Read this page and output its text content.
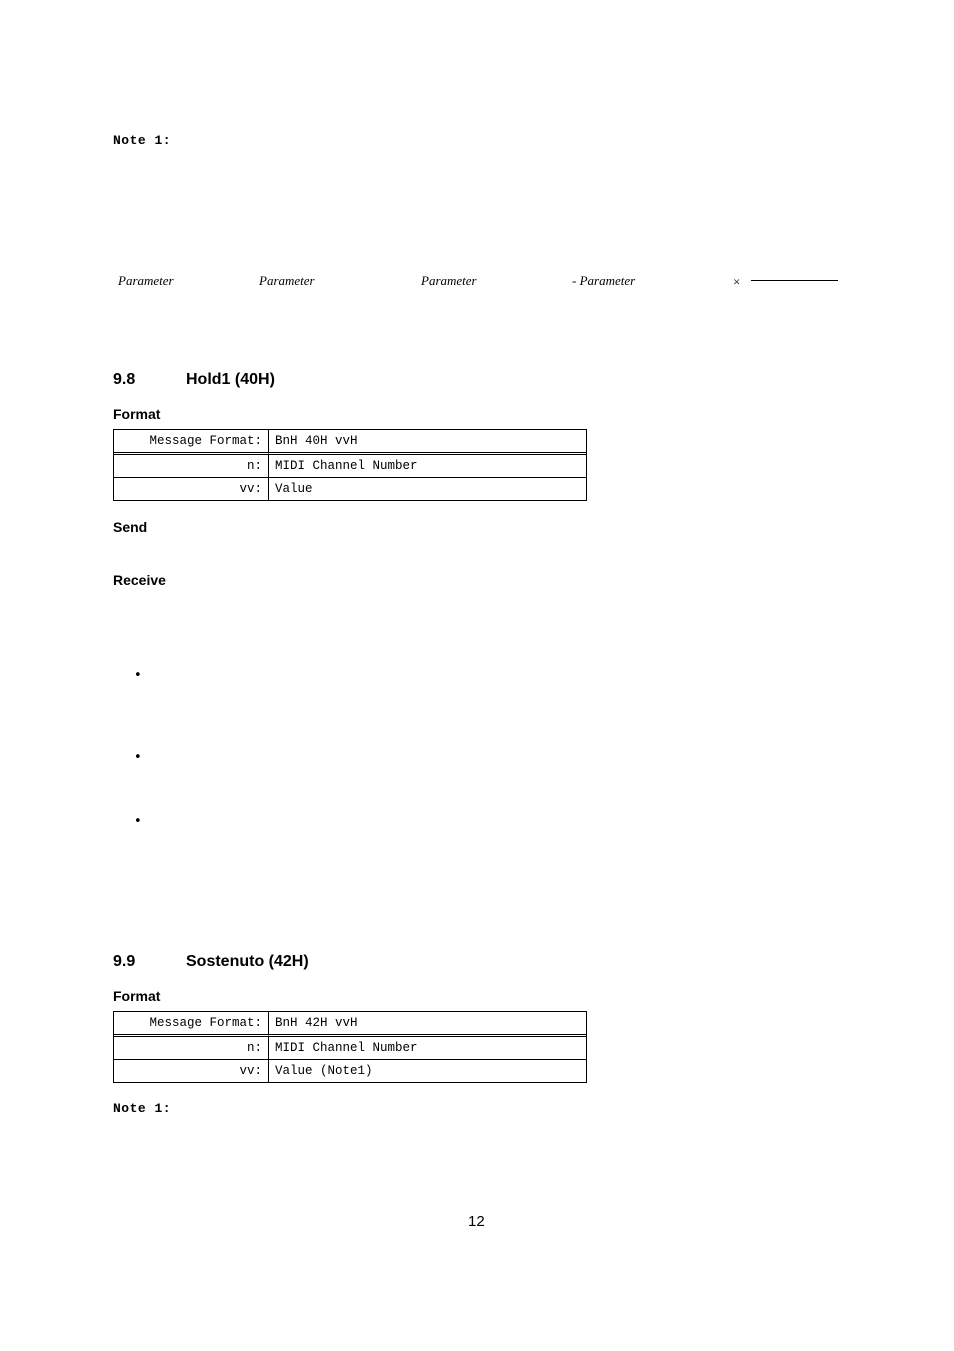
Note 1:
Parameter	Parameter	Parameter	- Parameter	×
9.8	Hold1 (40H)
Format
Message Format:	BnH 40H vvH
n:	MIDI Channel Number
vv:	Value
Send
Receive
•
•
•
9.9	Sostenuto (42H)
Format
Message Format:	BnH 42H vvH
n:	MIDI Channel Number
vv:	Value (Note1)
Note 1:
12
